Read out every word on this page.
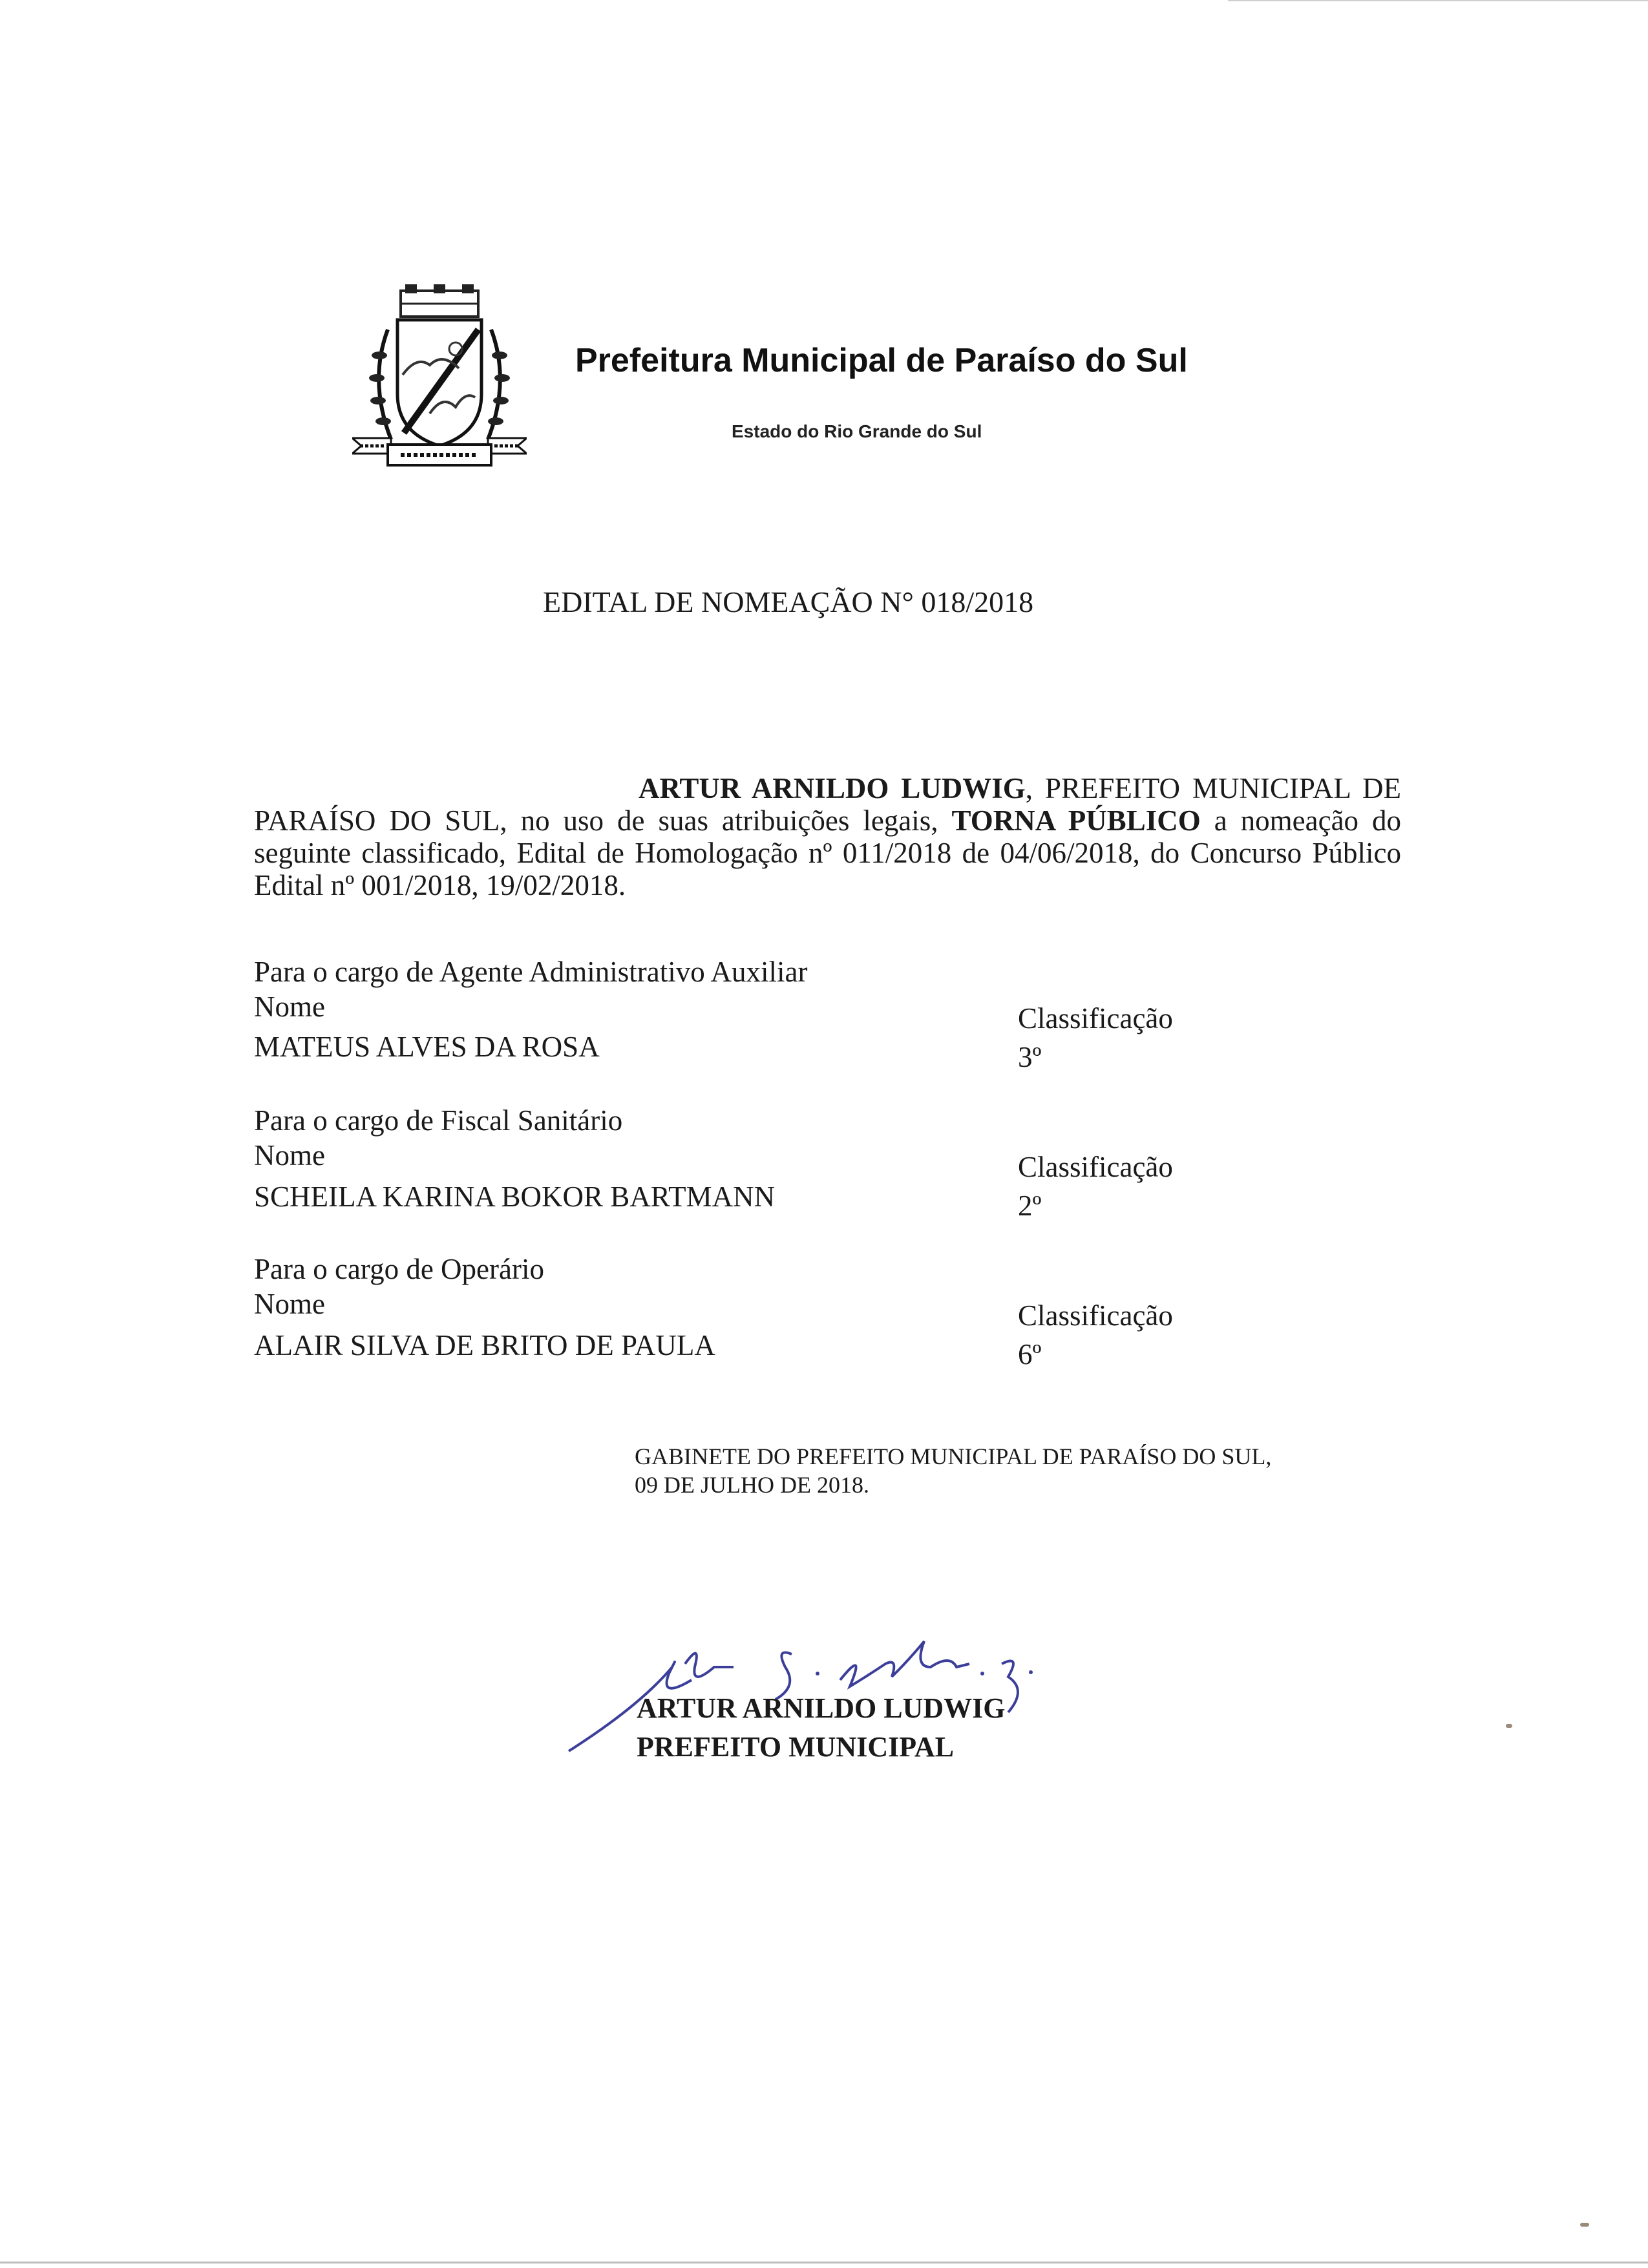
Prefeitura Municipal de Paraíso do Sul
Estado do Rio Grande do Sul
EDITAL DE NOMEAÇÃO N° 018/2018
ARTUR ARNILDO LUDWIG, PREFEITO MUNICIPAL DE PARAÍSO DO SUL, no uso de suas atribuições legais, TORNA PÚBLICO a nomeação do seguinte classificado, Edital de Homologação nº 011/2018 de 04/06/2018, do Concurso Público Edital nº 001/2018, 19/02/2018.
Para o cargo de Agente Administrativo Auxiliar
Nome
MATEUS ALVES DA ROSA
Classificação
3º
Para o cargo de Fiscal Sanitário
Nome
SCHEILA KARINA BOKOR BARTMANN
Classificação
2º
Para o cargo de Operário
Nome
ALAIR SILVA DE BRITO DE PAULA
Classificação
6º
GABINETE DO PREFEITO MUNICIPAL DE PARAÍSO DO SUL,
09 DE JULHO DE 2018.
ARTUR ARNILDO LUDWIG
PREFEITO MUNICIPAL
